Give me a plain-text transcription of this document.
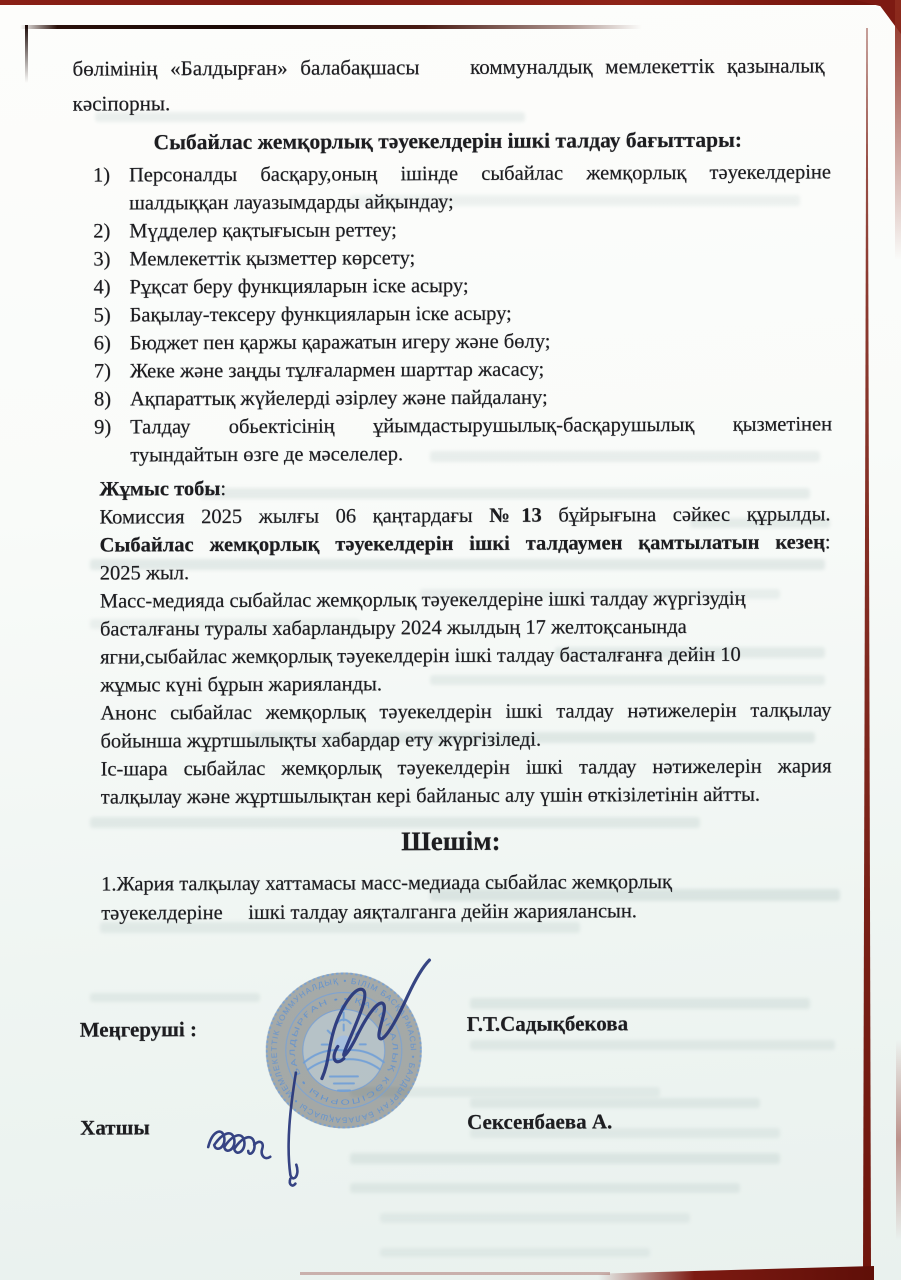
бөлімінің «Балдырған» балабақшасы    коммуналдық мемлекеттік қазыналық
кәсіпорны.
Сыбайлас жемқорлық тәуекелдерін ішкі талдау бағыттары:
1) Персоналды басқару,оның ішінде сыбайлас жемқорлық тәуекелдеріне
шалдыққан лауазымдарды айқындау;
2) Мүдделер қақтығысын реттеу;
3) Мемлекеттік қызметтер көрсету;
4) Рұқсат беру функцияларын іске асыру;
5) Бақылау-тексеру функцияларын іске асыру;
6) Бюджет пен қаржы қаражатын игеру және бөлу;
7) Жеке және заңды тұлғалармен шарттар жасасу;
8) Ақпараттық жүйелерді әзірлеу және пайдалану;
9) Талдау обьектісінің ұйымдастырушылық-басқарушылық қызметінен
туындайтын өзге де мәселелер.
Жұмыс тобы:
Комиссия 2025 жылғы 06 қаңтардағы №13 бұйрығына сәйкес құрылды.
Сыбайлас жемқорлық тәуекелдерін ішкі талдаумен қамтылатын кезең:
2025 жыл.
Масс-медияда сыбайлас жемқорлық тәуекелдеріне ішкі талдау жүргізудің
басталғаны туралы хабарландыру 2024 жылдың 17 желтоқсанында
ягни,сыбайлас жемқорлық тәуекелдерін ішкі талдау басталғанға дейін 10
жұмыс күні бұрын жарияланды.
Анонс сыбайлас жемқорлық тәуекелдерін ішкі талдау нәтижелерін талқылау
бойынша жұртшылықты хабардар ету жүргізіледі.
Іс-шара сыбайлас жемқорлық тәуекелдерін ішкі талдау нәтижелерін жария
талқылау және жұртшылықтан кері байланыс алу үшін өткізілетінін айтты.
Шешім:
1.Жария талқылау хаттамасы масс-медиада сыбайлас жемқорлық
тәуекелдеріне     ішкі талдау аяқталганга дейін жариялансын.
Меңгеруші :	Г.Т.Садықбекова
Хатшы	Сексенбаева А.
• БІЛІМ БАСҚАРМАСЫ • БАЛДЫРҒАН БАЛАБАҚШАСЫ • МЕМЛЕКЕТТІК КОММУНАЛДЫҚ
• ҚАЗЫНАЛЫҚ КӘСІПОРНЫ • БАЛДЫРҒАН •
